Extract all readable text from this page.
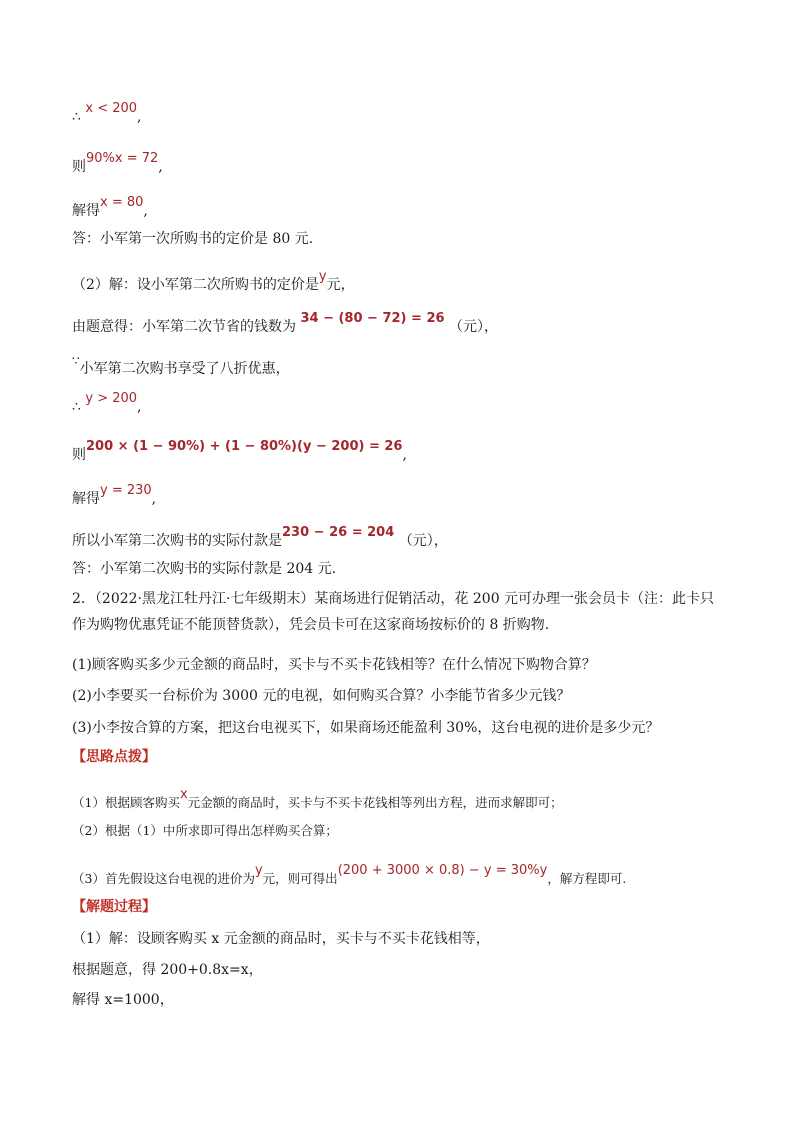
∴ x < 200,
则90%x = 72,
解得x = 80,
答：小军第一次所购书的定价是 80 元.
（2）解：设小军第二次所购书的定价是y元，
由题意得：小军第二次节省的钱数为 34 − (80 − 72) = 26 （元），
∵小军第二次购书享受了八折优惠，
∴ y > 200,
则200 × (1 − 90%) + (1 − 80%)(y − 200) = 26,
解得y = 230,
所以小军第二次购书的实际付款是230 − 26 = 204 （元），
答：小军第二次购书的实际付款是 204 元.
2．（2022·黑龙江牡丹江·七年级期末）某商场进行促销活动，花 200 元可办理一张会员卡（注：此卡只作为购物优惠凭证不能顶替货款），凭会员卡可在这家商场按标价的 8 折购物.
(1)顾客购买多少元金额的商品时，买卡与不买卡花钱相等？在什么情况下购物合算？
(2)小李要买一台标价为 3000 元的电视，如何购买合算？小李能节省多少元钱？
(3)小李按合算的方案，把这台电视买下，如果商场还能盈利 30%，这台电视的进价是多少元？
【思路点拨】
（1）根据顾客购买x元金额的商品时，买卡与不买卡花钱相等列出方程，进而求解即可；
（2）根据（1）中所求即可得出怎样购买合算；
（3）首先假设这台电视的进价为y元，则可得出(200 + 3000 × 0.8) − y = 30%y，解方程即可.
【解题过程】
（1）解：设顾客购买 x 元金额的商品时，买卡与不买卡花钱相等，
根据题意，得 200+0.8x=x，
解得 x=1000，
